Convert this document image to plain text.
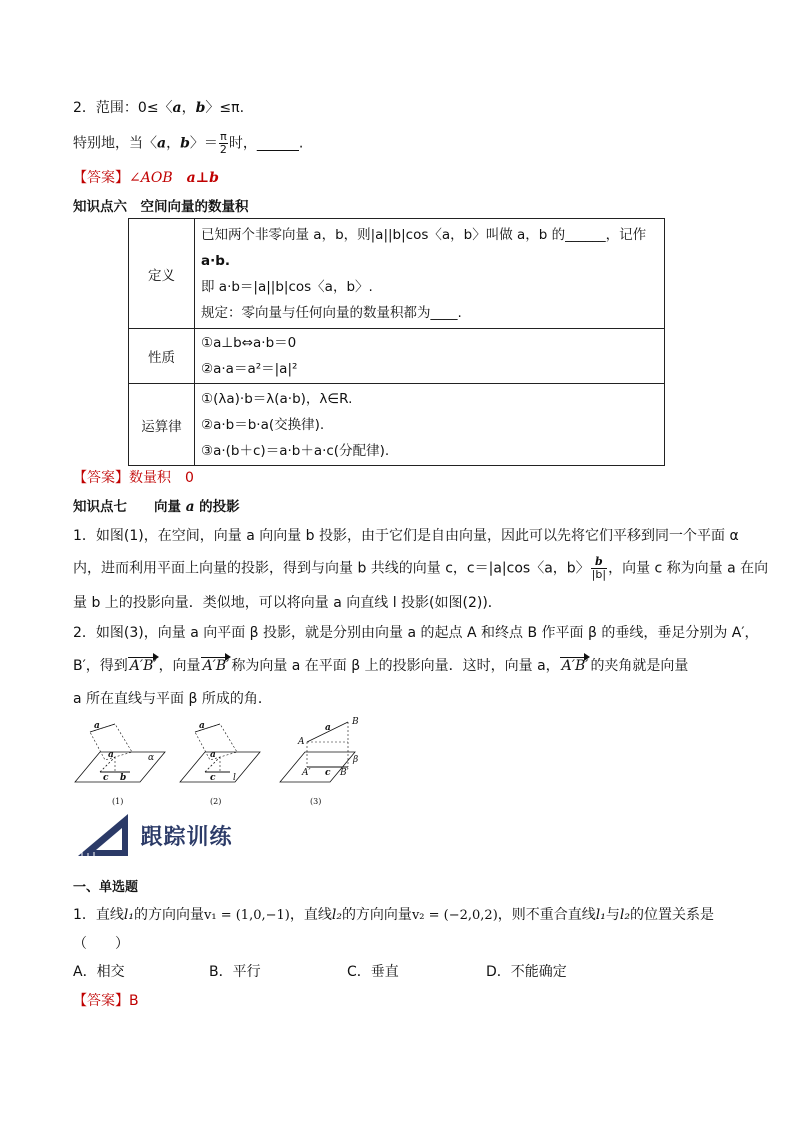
2．范围：0≤〈a，b〉≤π.
特别地，当〈a，b〉＝ $\frac{\pi}{2}$ 时，______.
【答案】∠AOB a⊥b
知识点六　空间向量的数量积
定义	已知两个非零向量 a，b，则|a||b|cos〈a，b〉叫做 a，b 的______，记作
a·b.
即 a·b＝|a||b|cos〈a，b〉.
规定：零向量与任何向量的数量积都为____.

性质	①a⊥b⇔a·b＝0
②a·a＝a²＝|a|²

运算律	①(λa)·b＝λ(a·b)，λ∈R.
②a·b＝b·a(交换律).
③a·(b＋c)＝a·b＋a·c(分配律).
【答案】数量积　0
知识点七　　向量 a 的投影
1．如图(1)，在空间，向量 a 向向量 b 投影，由于它们是自由向量，因此可以先将它们平移到同一个平面 α
内，进而利用平面上向量的投影，得到与向量 b 共线的向量 c，c＝|a|cos〈a，b〉 $\frac{b}{|b|}$ ，向量 c 称为向量 a 在向
量 b 上的投影向量．类似地，可以将向量 a 向直线 l 投影(如图(2))．
2．如图(3)，向量 a 向平面 β 投影，就是分别由向量 a 的起点 A 和终点 B 作平面 β 的垂线，垂足分别为 A′，
B′，得到 A′B′ ，向量 A′B′ 称为向量 a 在平面 β 上的投影向量．这时，向量 a， A′B′ 的夹角就是向量
a 所在直线与平面 β 所成的角．
a
a
b
c
α
a
a
c l
A
B
a
A′ c B′
β
(1)	(2)	(3)
跟踪训练
一、单选题
1．直线l₁的方向向量v₁ = (1,0,−1)，直线l₂的方向向量v₂ = (−2,0,2)，则不重合直线l₁与l₂的位置关系是
（　　）
A．相交	B．平行	C．垂直	D．不能确定
【答案】B
